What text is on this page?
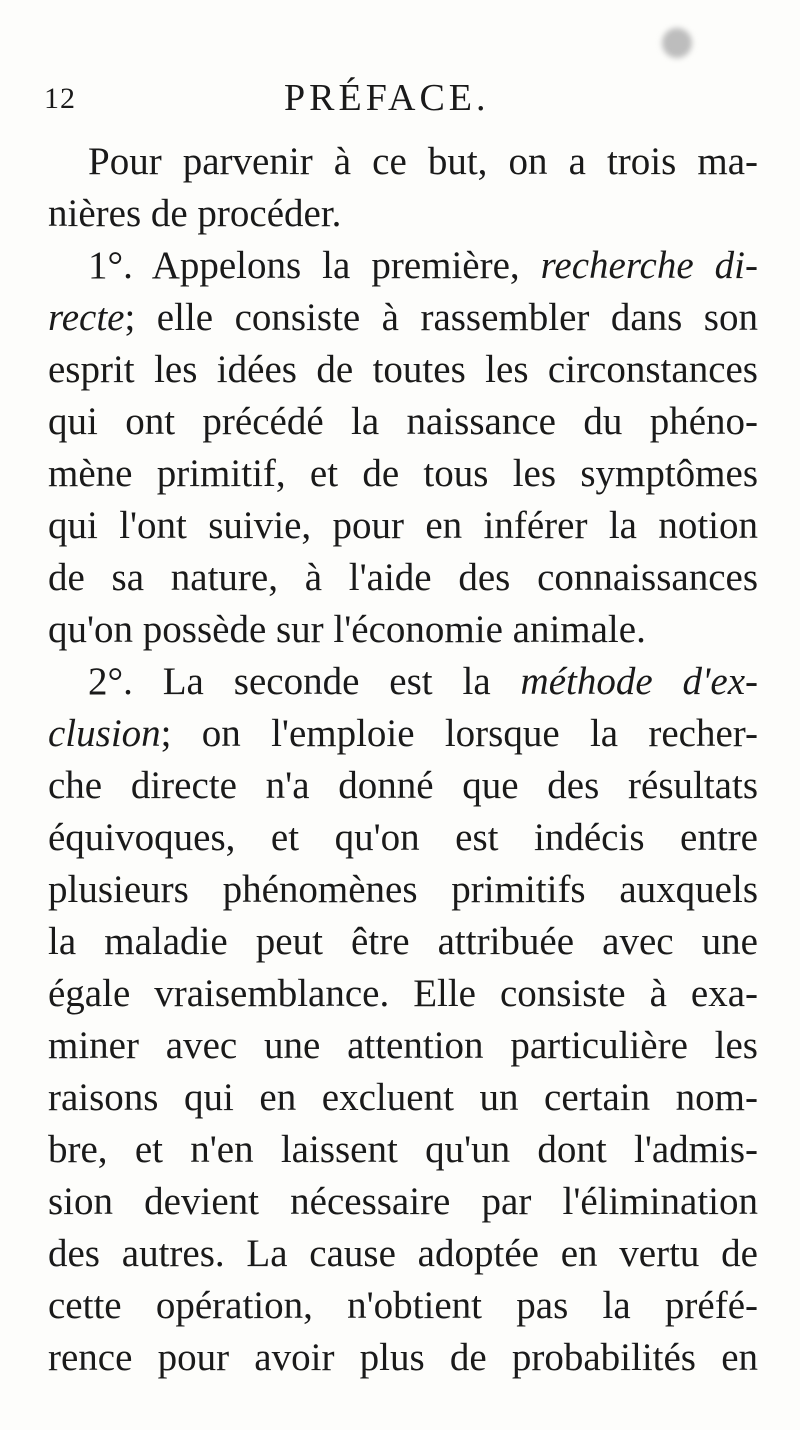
12	PRÉFACE.
Pour parvenir à ce but, on a trois ma-
nières de procéder.
1°. Appelons la première, recherche di-
recte; elle consiste à rassembler dans son
esprit les idées de toutes les circonstances
qui ont précédé la naissance du phéno-
mène primitif, et de tous les symptômes
qui l'ont suivie, pour en inférer la notion
de sa nature, à l'aide des connaissances
qu'on possède sur l'économie animale.
2°. La seconde est la méthode d'ex-
clusion; on l'emploie lorsque la recher-
che directe n'a donné que des résultats
équivoques, et qu'on est indécis entre
plusieurs phénomènes primitifs auxquels
la maladie peut être attribuée avec une
égale vraisemblance. Elle consiste à exa-
miner avec une attention particulière les
raisons qui en excluent un certain nom-
bre, et n'en laissent qu'un dont l'admis-
sion devient nécessaire par l'élimination
des autres. La cause adoptée en vertu de
cette opération, n'obtient pas la préfé-
rence pour avoir plus de probabilités en
